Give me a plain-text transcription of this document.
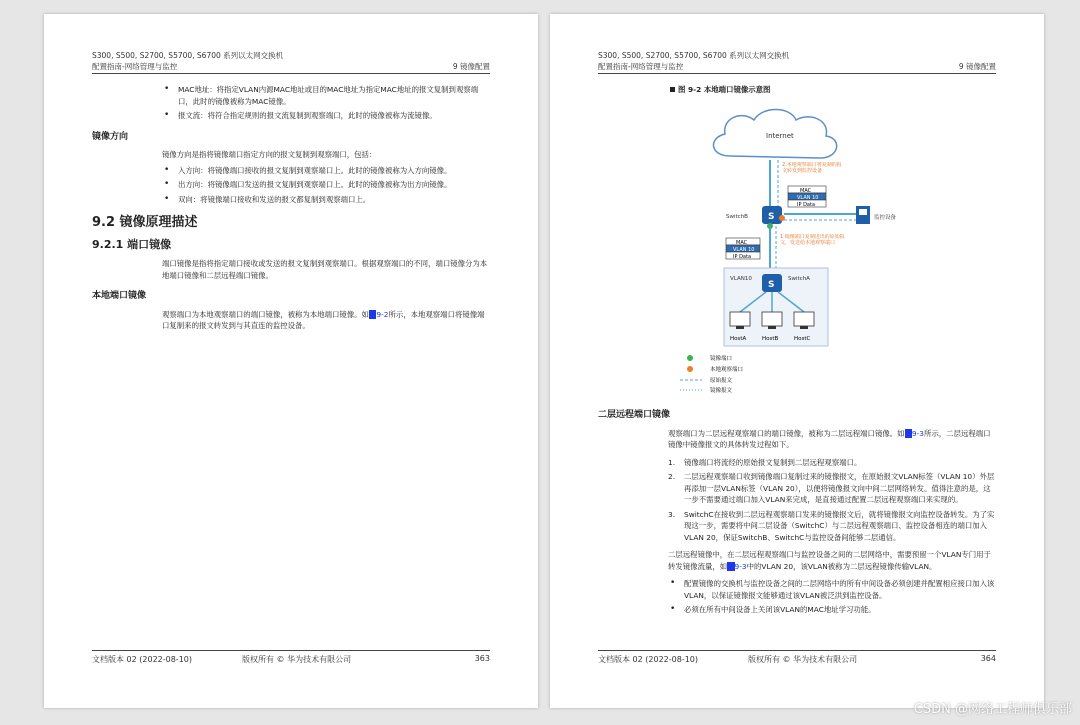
S300, S500, S2700, S5700, S6700 系列以太网交换机
配置指南-网络管理与监控	9 镜像配置
• MAC地址：将指定VLAN内源MAC地址或目的MAC地址为指定MAC地址的报文复制到观察端口，此时的镜像被称为MAC镜像。
• 报文流：将符合指定规则的报文流复制到观察端口，此时的镜像被称为流镜像。
镜像方向
镜像方向是指将镜像端口指定方向的报文复制到观察端口，包括：
• 入方向：将镜像端口接收的报文复制到观察端口上。此时的镜像被称为入方向镜像。
• 出方向：将镜像端口发送的报文复制到观察端口上。此时的镜像被称为出方向镜像。
• 双向：将镜像端口接收和发送的报文都复制到观察端口上。
9.2 镜像原理描述
9.2.1 端口镜像
端口镜像是指将指定端口接收或发送的报文复制到观察端口。根据观察端口的不同，端口镜像分为本地端口镜像和二层远程端口镜像。
本地端口镜像
观察端口为本地观察端口的端口镜像，被称为本地端口镜像。如图9-2所示，本地观察端口将镜像端口复制来的报文转发到与其直连的监控设备。
文档版本 02 (2022-08-10)	版权所有 © 华为技术有限公司	363
S300, S500, S2700, S5700, S6700 系列以太网交换机
配置指南-网络管理与监控	9 镜像配置
图 9-2 本地端口镜像示意图
Internet
2.本地观察端口将复制的报文转发到监控设备
MAC
VLAN 10
IP Data
S
SwitchB	监控设备
1.镜像端口复制进出的原始报文，发送给本地观察端口
MAC
VLAN 10
IP Data
VLAN10
S
SwitchA
HostA	HostB	HostC
镜像端口
本地观察端口
原始报文
镜像报文
二层远程端口镜像
观察端口为二层远程观察端口的端口镜像，被称为二层远程端口镜像。如图9-3所示，二层远程端口镜像中镜像报文的具体转发过程如下。
1. 镜像端口将流经的原始报文复制到二层远程观察端口。
2. 二层远程观察端口收到镜像端口复制过来的镜像报文，在原始报文VLAN标签（VLAN 10）外层再添加一层VLAN标签（VLAN 20），以便将镜像报文向中间二层网络转发。值得注意的是，这一步不需要通过端口加入VLAN来完成，是直接通过配置二层远程观察端口来实现的。
3. SwitchC在接收到二层远程观察端口发来的镜像报文后，就将镜像报文向监控设备转发。为了实现这一步，需要将中间二层设备（SwitchC）与二层远程观察端口、监控设备相连的端口加入VLAN 20，保证SwitchB、SwitchC与监控设备间能够二层通信。
二层远程镜像中，在二层远程观察端口与监控设备之间的二层网络中，需要预留一个VLAN专门用于转发镜像流量，如图9-3中的VLAN 20，该VLAN被称为二层远程镜像传输VLAN。
• 配置镜像的交换机与监控设备之间的二层网络中的所有中间设备必须创建并配置相应接口加入该VLAN，以保证镜像报文能够通过该VLAN被泛洪到监控设备。
• 必须在所有中间设备上关闭该VLAN的MAC地址学习功能。
文档版本 02 (2022-08-10)	版权所有 © 华为技术有限公司	364
CSDN @网络工程师俱乐部
